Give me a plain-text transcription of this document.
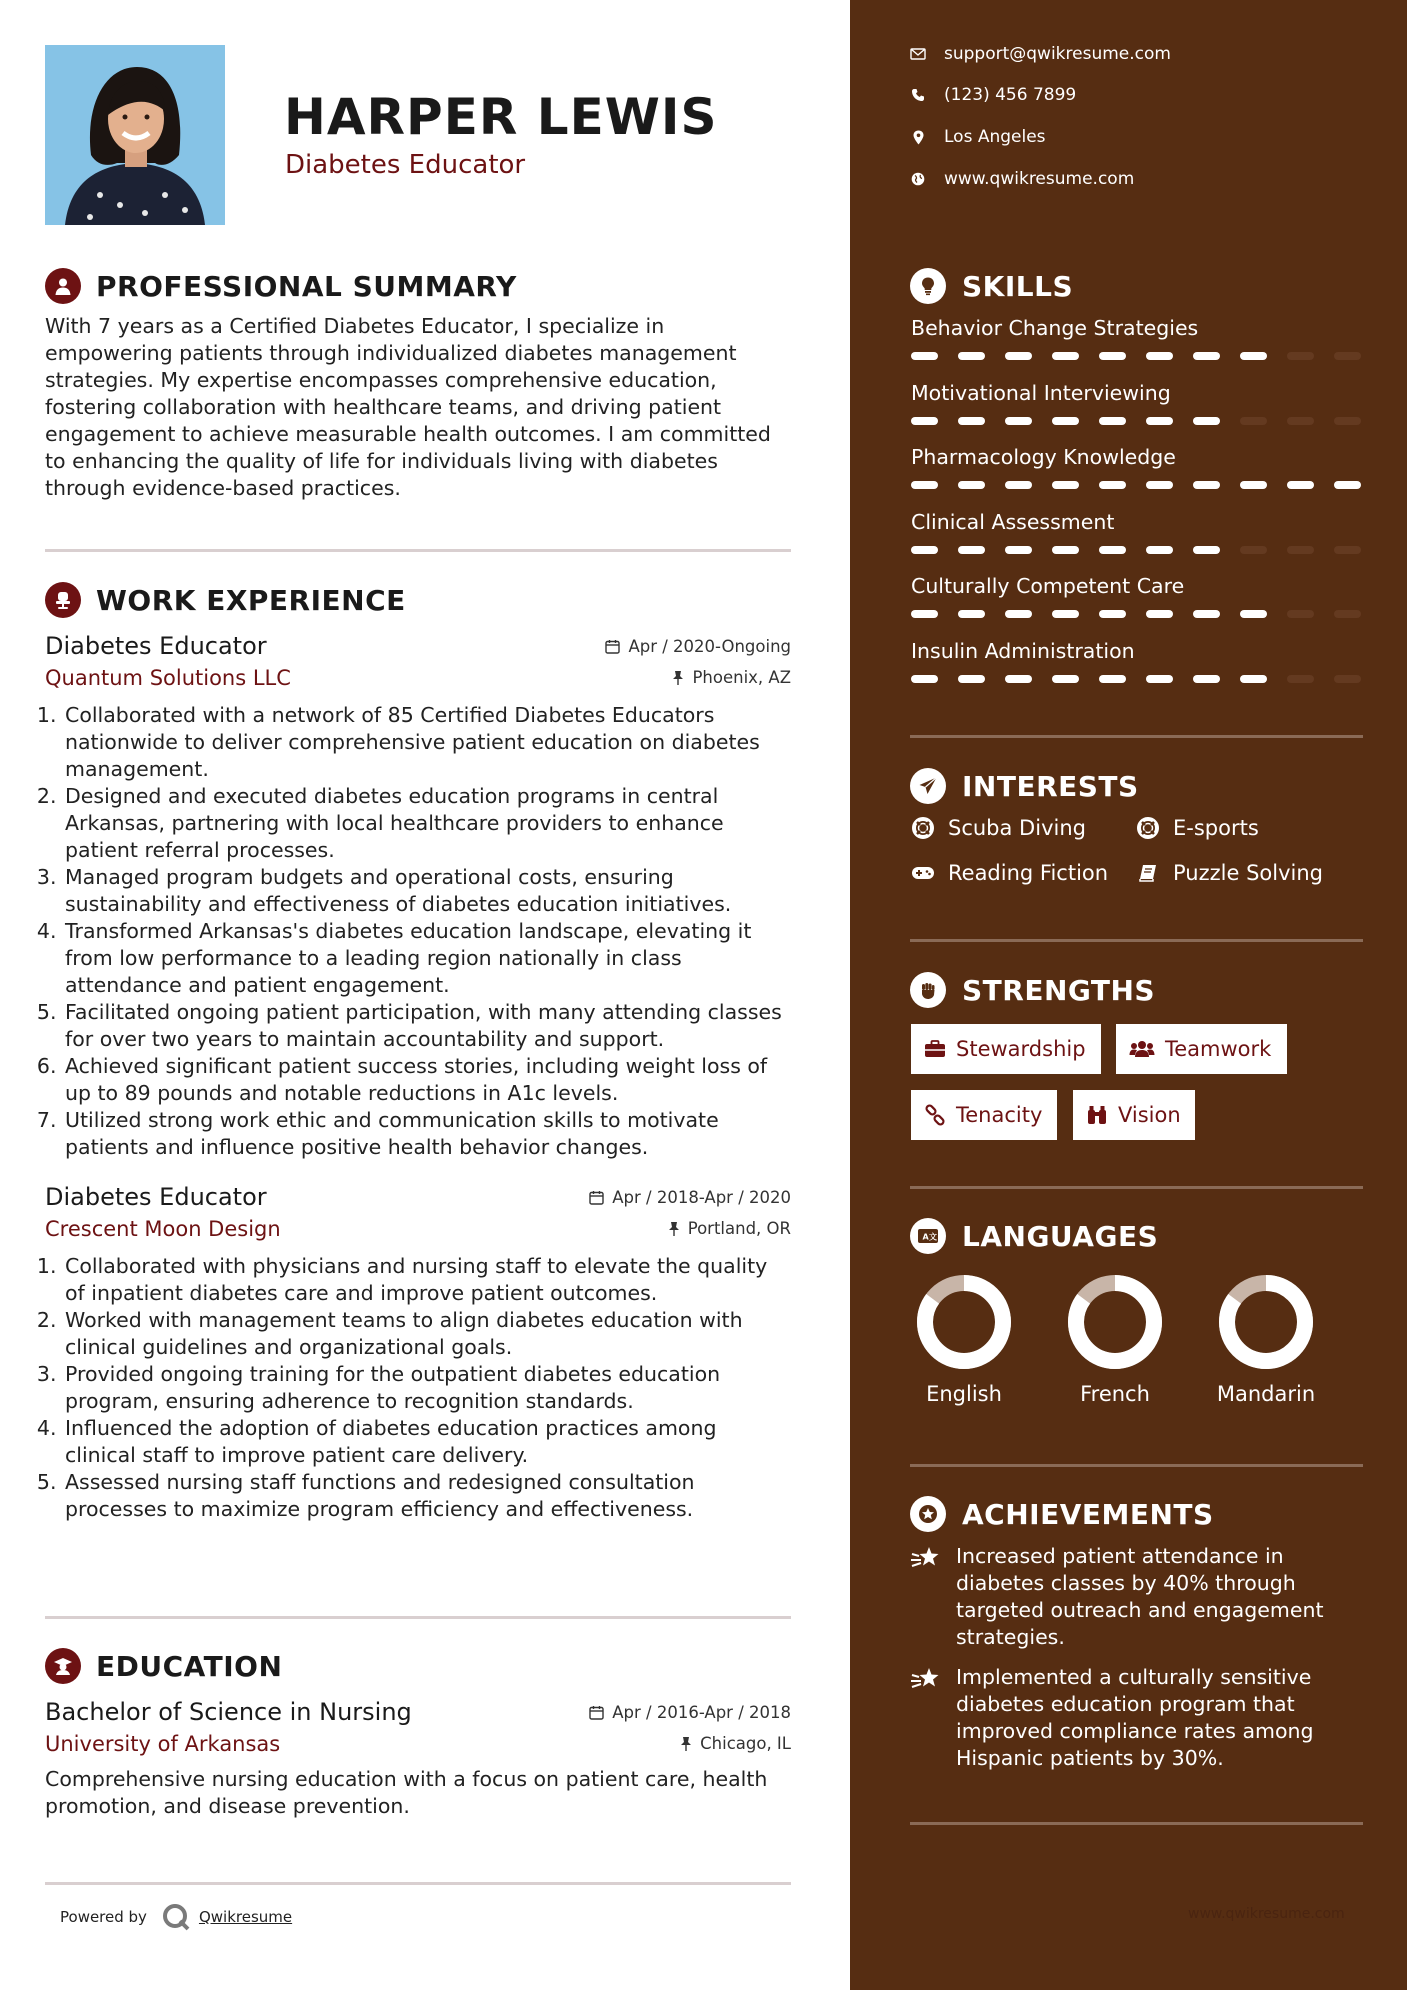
HARPER LEWIS
Diabetes Educator
PROFESSIONAL SUMMARY
With 7 years as a Certified Diabetes Educator, I specialize in empowering patients through individualized diabetes management strategies. My expertise encompasses comprehensive education, fostering collaboration with healthcare teams, and driving patient engagement to achieve measurable health outcomes. I am committed to enhancing the quality of life for individuals living with diabetes through evidence-based practices.
WORK EXPERIENCE
Diabetes Educator	Apr / 2020-Ongoing
Quantum Solutions LLC	Phoenix, AZ
1. Collaborated with a network of 85 Certified Diabetes Educators nationwide to deliver comprehensive patient education on diabetes management.
2. Designed and executed diabetes education programs in central Arkansas, partnering with local healthcare providers to enhance patient referral processes.
3. Managed program budgets and operational costs, ensuring sustainability and effectiveness of diabetes education initiatives.
4. Transformed Arkansas's diabetes education landscape, elevating it from low performance to a leading region nationally in class attendance and patient engagement.
5. Facilitated ongoing patient participation, with many attending classes for over two years to maintain accountability and support.
6. Achieved significant patient success stories, including weight loss of up to 89 pounds and notable reductions in A1c levels.
7. Utilized strong work ethic and communication skills to motivate patients and influence positive health behavior changes.
Diabetes Educator	Apr / 2018-Apr / 2020
Crescent Moon Design	Portland, OR
1. Collaborated with physicians and nursing staff to elevate the quality of inpatient diabetes care and improve patient outcomes.
2. Worked with management teams to align diabetes education with clinical guidelines and organizational goals.
3. Provided ongoing training for the outpatient diabetes education program, ensuring adherence to recognition standards.
4. Influenced the adoption of diabetes education practices among clinical staff to improve patient care delivery.
5. Assessed nursing staff functions and redesigned consultation processes to maximize program efficiency and effectiveness.
EDUCATION
Bachelor of Science in Nursing	Apr / 2016-Apr / 2018
University of Arkansas	Chicago, IL
Comprehensive nursing education with a focus on patient care, health promotion, and disease prevention.
Powered by	Qwikresume
support@qwikresume.com
(123) 456 7899
Los Angeles
www.qwikresume.com
SKILLS
Behavior Change Strategies
Motivational Interviewing
Pharmacology Knowledge
Clinical Assessment
Culturally Competent Care
Insulin Administration
INTERESTS
Scuba Diving	E-sports
Reading Fiction	Puzzle Solving
STRENGTHS
Stewardship	Teamwork
Tenacity	Vision
A 文 LANGUAGES
English	French	Mandarin
ACHIEVEMENTS
Increased patient attendance in diabetes classes by 40% through targeted outreach and engagement strategies.
Implemented a culturally sensitive diabetes education program that improved compliance rates among Hispanic patients by 30%.
www.qwikresume.com
